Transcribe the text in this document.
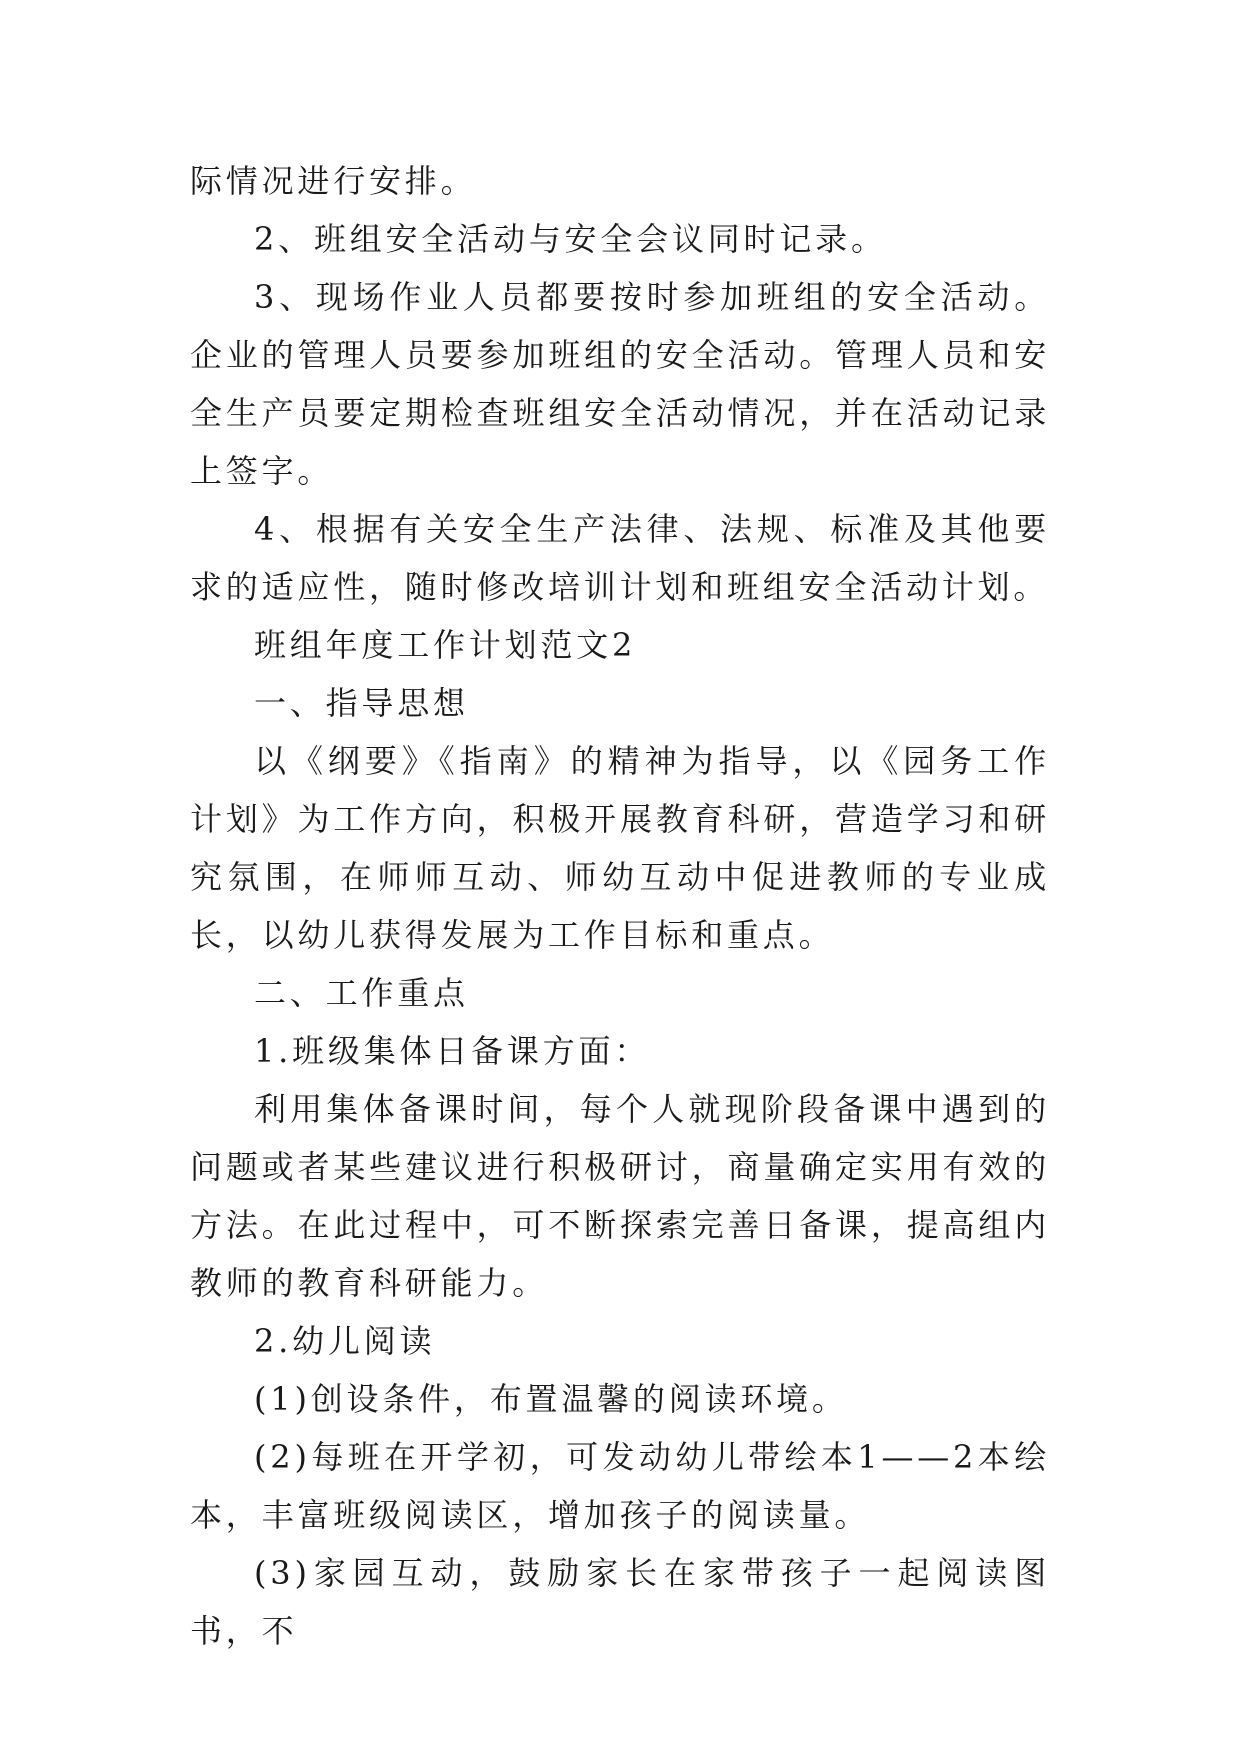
际情况进行安排。

2、班组安全活动与安全会议同时记录。

3、现场作业人员都要按时参加班组的安全活动。企业的管理人员要参加班组的安全活动。管理人员和安全生产员要定期检查班组安全活动情况，并在活动记录上签字。

4、根据有关安全生产法律、法规、标准及其他要求的适应性，随时修改培训计划和班组安全活动计划。

班组年度工作计划范文2

一、指导思想

以《纲要》《指南》的精神为指导，以《园务工作计划》为工作方向，积极开展教育科研，营造学习和研究氛围，在师师互动、师幼互动中促进教师的专业成长，以幼儿获得发展为工作目标和重点。

二、工作重点

1.班级集体日备课方面：

利用集体备课时间，每个人就现阶段备课中遇到的问题或者某些建议进行积极研讨，商量确定实用有效的方法。在此过程中，可不断探索完善日备课，提高组内教师的教育科研能力。

2.幼儿阅读

(1)创设条件，布置温馨的阅读环境。

(2)每班在开学初，可发动幼儿带绘本1——2本绘本，丰富班级阅读区，增加孩子的阅读量。

(3)家园互动，鼓励家长在家带孩子一起阅读图书，不
